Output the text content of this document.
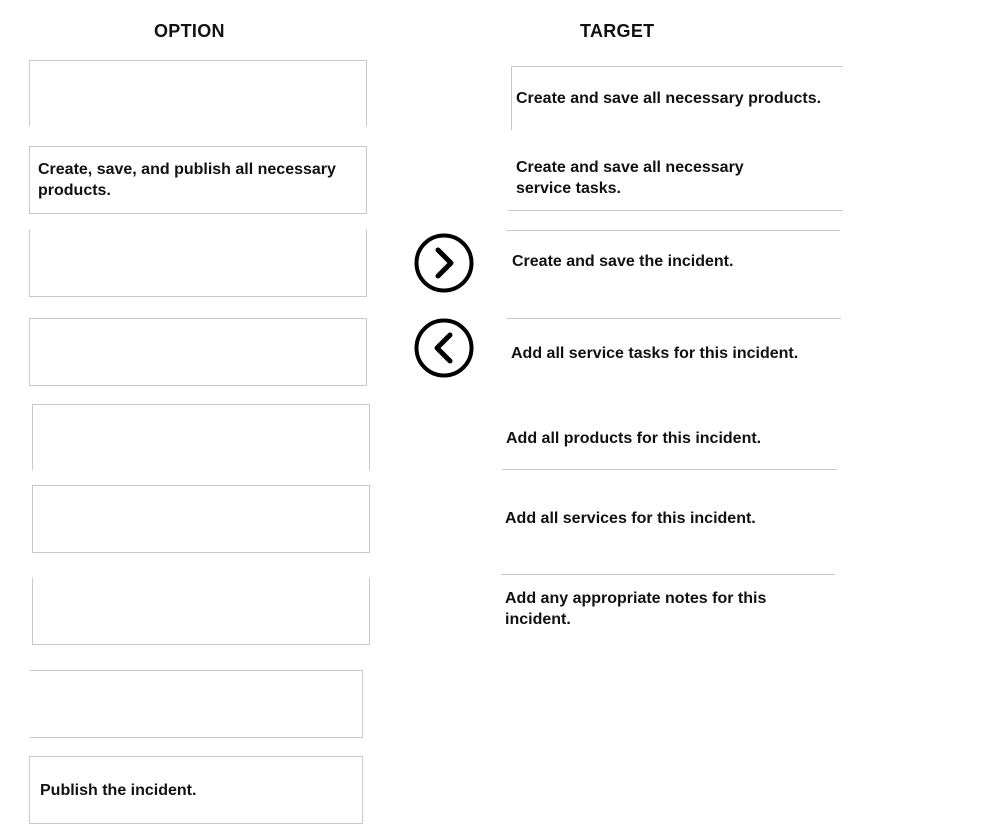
OPTION	TARGET
Create, save, and publish all necessary products.
Publish the incident.
Create and save all necessary products.
Create and save all necessary service tasks.
Create and save the incident.
Add all service tasks for this incident.
Add all products for this incident.
Add all services for this incident.
Add any appropriate notes for this incident.
